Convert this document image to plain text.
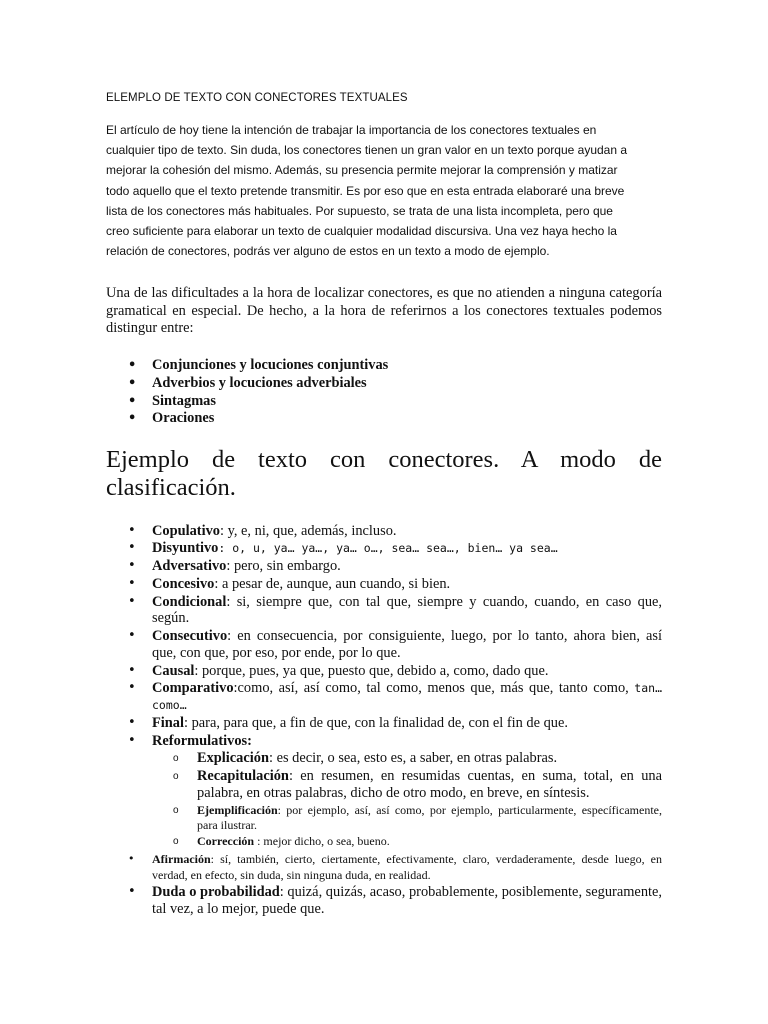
ELEMPLO DE TEXTO CON CONECTORES TEXTUALES
El artículo de hoy tiene la intención de trabajar la importancia de los conectores textuales en
cualquier tipo de texto. Sin duda, los conectores tienen un gran valor en un texto porque ayudan a
mejorar la cohesión del mismo. Además, su presencia permite mejorar la comprensión y matizar
todo aquello que el texto pretende transmitir. Es por eso que en esta entrada elaboraré una breve
lista de los conectores más habituales. Por supuesto, se trata de una lista incompleta, pero que
creo suficiente para elaborar un texto de cualquier modalidad discursiva. Una vez haya hecho la
relación de conectores, podrás ver alguno de estos en un texto a modo de ejemplo.

Una de las dificultades a la hora de localizar conectores, es que no atienden a ninguna categoría gramatical en especial. De hecho, a la hora de referirnos a los conectores textuales podemos distingur entre:

• Conjunciones y locuciones conjuntivas
• Adverbios y locuciones adverbiales
• Sintagmas
• Oraciones
Ejemplo de texto con conectores. A modo de clasificación.
• Copulativo: y, e, ni, que, además, incluso.
• Disyuntivo: o, u, ya… ya…, ya… o…, sea… sea…, bien… ya sea…
• Adversativo: pero, sin embargo.
• Concesivo: a pesar de, aunque, aun cuando, si bien.
• Condicional: si, siempre que, con tal que, siempre y cuando, cuando, en caso que, según.
• Consecutivo: en consecuencia, por consiguiente, luego, por lo tanto, ahora bien, así que, con que, por eso, por ende, por lo que.
• Causal: porque, pues, ya que, puesto que, debido a, como, dado que.
• Comparativo:como, así, así como, tal como, menos que, más que, tanto como, tan… como…
• Final: para, para que, a fin de que, con la finalidad de, con el fin de que.
• Reformulativos:
o Explicación: es decir, o sea, esto es, a saber, en otras palabras.
o Recapitulación: en resumen, en resumidas cuentas, en suma, total, en una palabra, en otras palabras, dicho de otro modo, en breve, en síntesis.
o Ejemplificación: por ejemplo, así, así como, por ejemplo, particularmente, específicamente, para ilustrar.
o Corrección : mejor dicho, o sea, bueno.
• Afirmación: sí, también, cierto, ciertamente, efectivamente, claro, verdaderamente, desde luego, en verdad, en efecto, sin duda, sin ninguna duda, en realidad.
• Duda o probabilidad: quizá, quizás, acaso, probablemente, posiblemente, seguramente, tal vez, a lo mejor, puede que.
